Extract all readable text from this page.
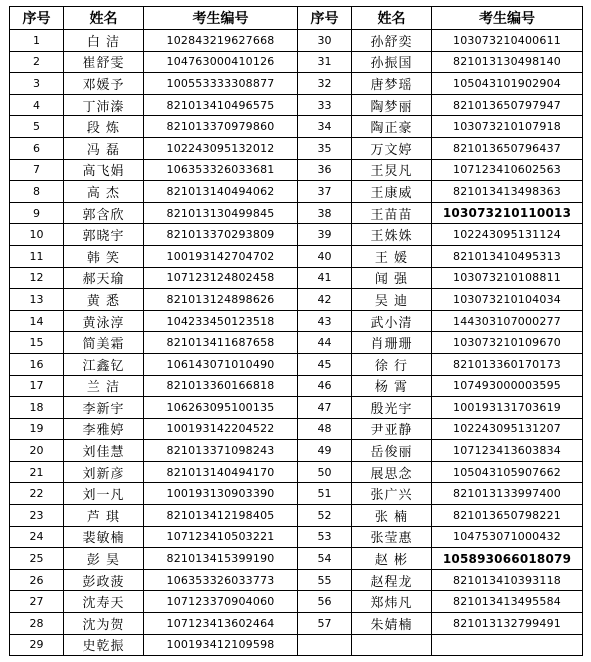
序号	姓名	考生编号	序号	姓名	考生编号
1	白 洁	102843219627668	30	孙舒奕	103073210400611
2	崔舒雯	104763000410126	31	孙振国	821013130498140
3	邓媛予	100553333308877	32	唐梦瑶	105043101902904
4	丁沛溱	821013410496575	33	陶梦丽	821013650797947
5	段 炼	821013370979860	34	陶正豪	103073210107918
6	冯 磊	102243095132012	35	万文婷	821013650796437
7	高飞娟	106353326033681	36	王炅凡	107123410602563
8	高 杰	821013140494062	37	王康威	821013413498363
9	郭含欣	821013130499845	38	王苗苗	103073210110013
10	郭晓宇	821013370293809	39	王姝姝	102243095131124
11	韩 笑	100193142704702	40	王 媛	821013410495313
12	郝天瑜	107123124802458	41	闻 强	103073210108811
13	黄 悉	821013124898626	42	吴 迪	103073210104034
14	黄泳淳	104233450123518	43	武小清	144303107000277
15	简美霜	821013411687658	44	肖珊珊	103073210109670
16	江鑫钇	106143071010490	45	徐 行	821013360170173
17	兰 洁	821013360166818	46	杨 霄	107493000003595
18	李新宇	106263095100135	47	殷光宇	100193131703619
19	李雅婷	100193142204522	48	尹亚静	102243095131207
20	刘佳慧	821013371098243	49	岳俊丽	107123413603834
21	刘新彦	821013140494170	50	展思念	105043105907662
22	刘一凡	100193130903390	51	张广兴	821013133997400
23	芦 琪	821013412198405	52	张 楠	821013650798221
24	裴敏楠	107123410503221	53	张莹惠	104753071000432
25	彭 昊	821013415399190	54	赵 彬	105893066018079
26	彭政菠	106353326033773	55	赵程龙	821013410393118
27	沈寿天	107123370904060	56	郑炜凡	821013413495584
28	沈为贺	107123413602464	57	朱婧楠	821013132799491
29	史乾振	100193412109598			
